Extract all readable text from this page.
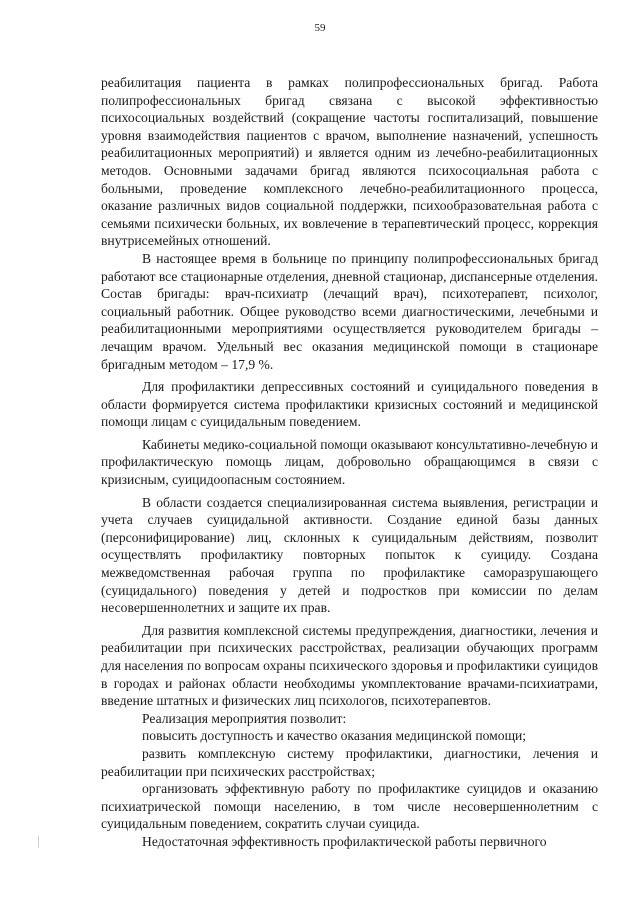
59

реабилитация пациента в рамках полипрофессиональных бригад. Работа полипрофессиональных бригад связана с высокой эффективностью психосоциальных воздействий (сокращение частоты госпитализаций, повышение уровня взаимодействия пациентов с врачом, выполнение назначений, успешность реабилитационных мероприятий) и является одним из лечебно-реабилитационных методов. Основными задачами бригад являются психосоциальная работа с больными, проведение комплексного лечебно-реабилитационного процесса, оказание различных видов социальной поддержки, психообразовательная работа с семьями психически больных, их вовлечение в терапевтический процесс, коррекция внутрисемейных отношений.

В настоящее время в больнице по принципу полипрофессиональных бригад работают все стационарные отделения, дневной стационар, диспансерные отделения. Состав бригады: врач-психиатр (лечащий врач), психотерапевт, психолог, социальный работник. Общее руководство всеми диагностическими, лечебными и реабилитационными мероприятиями осуществляется руководителем бригады – лечащим врачом. Удельный вес оказания медицинской помощи в стационаре бригадным методом – 17,9 %.

Для профилактики депрессивных состояний и суицидального поведения в области формируется система профилактики кризисных состояний и медицинской помощи лицам с суицидальным поведением.

Кабинеты медико-социальной помощи оказывают консультативно-лечебную и профилактическую помощь лицам, добровольно обращающимся в связи с кризисным, суицидоопасным состоянием.

В области создается специализированная система выявления, регистрации и учета случаев суицидальной активности. Создание единой базы данных (персонифицирование) лиц, склонных к суицидальным действиям, позволит осуществлять профилактику повторных попыток к суициду. Создана межведомственная рабочая группа по профилактике саморазрушающего (суицидального) поведения у детей и подростков при комиссии по делам несовершеннолетних и защите их прав.

Для развития комплексной системы предупреждения, диагностики, лечения и реабилитации при психических расстройствах, реализации обучающих программ для населения по вопросам охраны психического здоровья и профилактики суицидов в городах и районах области необходимы укомплектование врачами-психиатрами, введение штатных и физических лиц психологов, психотерапевтов.

Реализация мероприятия позволит:

повысить доступность и качество оказания медицинской помощи;

развить комплексную систему профилактики, диагностики, лечения и реабилитации при психических расстройствах;

организовать эффективную работу по профилактике суицидов и оказанию психиатрической помощи населению, в том числе несовершеннолетним с суицидальным поведением, сократить случаи суицида.

Недостаточная эффективность профилактической работы первичного
